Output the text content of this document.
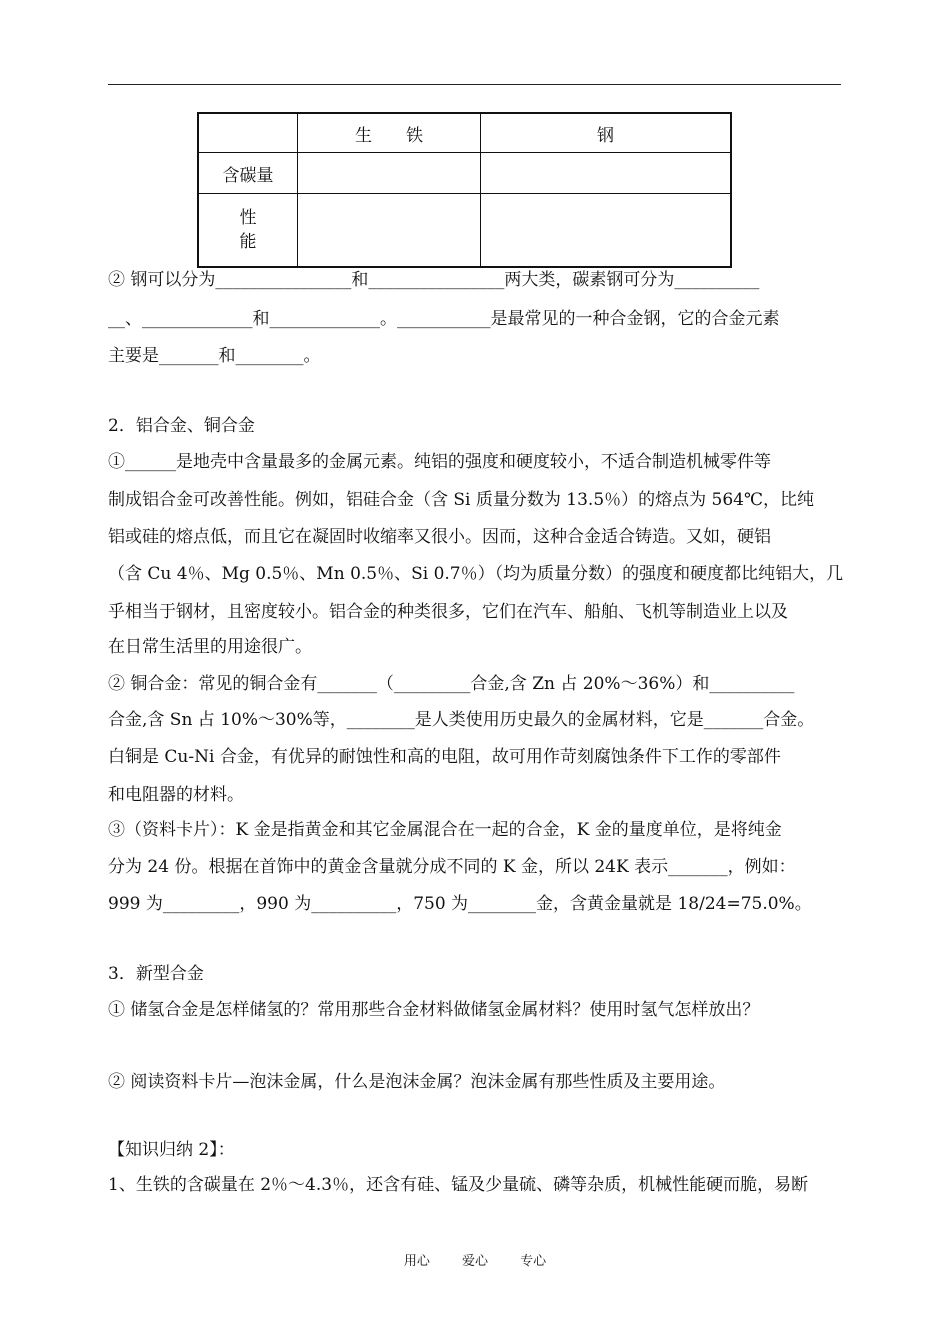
	生　　铁	钢
含碳量		

性
能		

② 钢可以分为________________和________________两大类，碳素钢可分为__________
__、_____________和_____________。___________是最常见的一种合金钢，它的合金元素
主要是_______和________。
2．铝合金、铜合金
①______是地壳中含量最多的金属元素。纯铝的强度和硬度较小，不适合制造机械零件等
制成铝合金可改善性能。例如，铝硅合金（含 Si 质量分数为 13.5％）的熔点为 564℃，比纯
铝或硅的熔点低，而且它在凝固时收缩率又很小。因而，这种合金适合铸造。又如，硬铝
（含 Cu 4％、Mg 0.5％、Mn 0.5％、Si 0.7％）（均为质量分数）的强度和硬度都比纯铝大，几
乎相当于钢材，且密度较小。铝合金的种类很多，它们在汽车、船舶、飞机等制造业上以及
在日常生活里的用途很广。
② 铜合金：常见的铜合金有_______（_________合金,含 Zn 占 20%～36%）和__________
合金,含 Sn 占 10%～30%等，________是人类使用历史最久的金属材料，它是_______合金。
白铜是 Cu-Ni 合金，有优异的耐蚀性和高的电阻，故可用作苛刻腐蚀条件下工作的零部件
和电阻器的材料。
③（资料卡片）：K 金是指黄金和其它金属混合在一起的合金，K 金的量度单位，是将纯金
分为 24 份。根据在首饰中的黄金含量就分成不同的 K 金，所以 24K 表示_______，例如：
999 为_________，990 为__________，750 为________金，含黄金量就是 18/24=75.0%。
3．新型合金
① 储氢合金是怎样储氢的？常用那些合金材料做储氢金属材料？使用时氢气怎样放出？
② 阅读资料卡片—泡沫金属，什么是泡沫金属？泡沫金属有那些性质及主要用途。
【知识归纳 2】：
1、生铁的含碳量在 2％～4.3％，还含有硅、锰及少量硫、磷等杂质，机械性能硬而脆，易断
用心 爱心 专心
